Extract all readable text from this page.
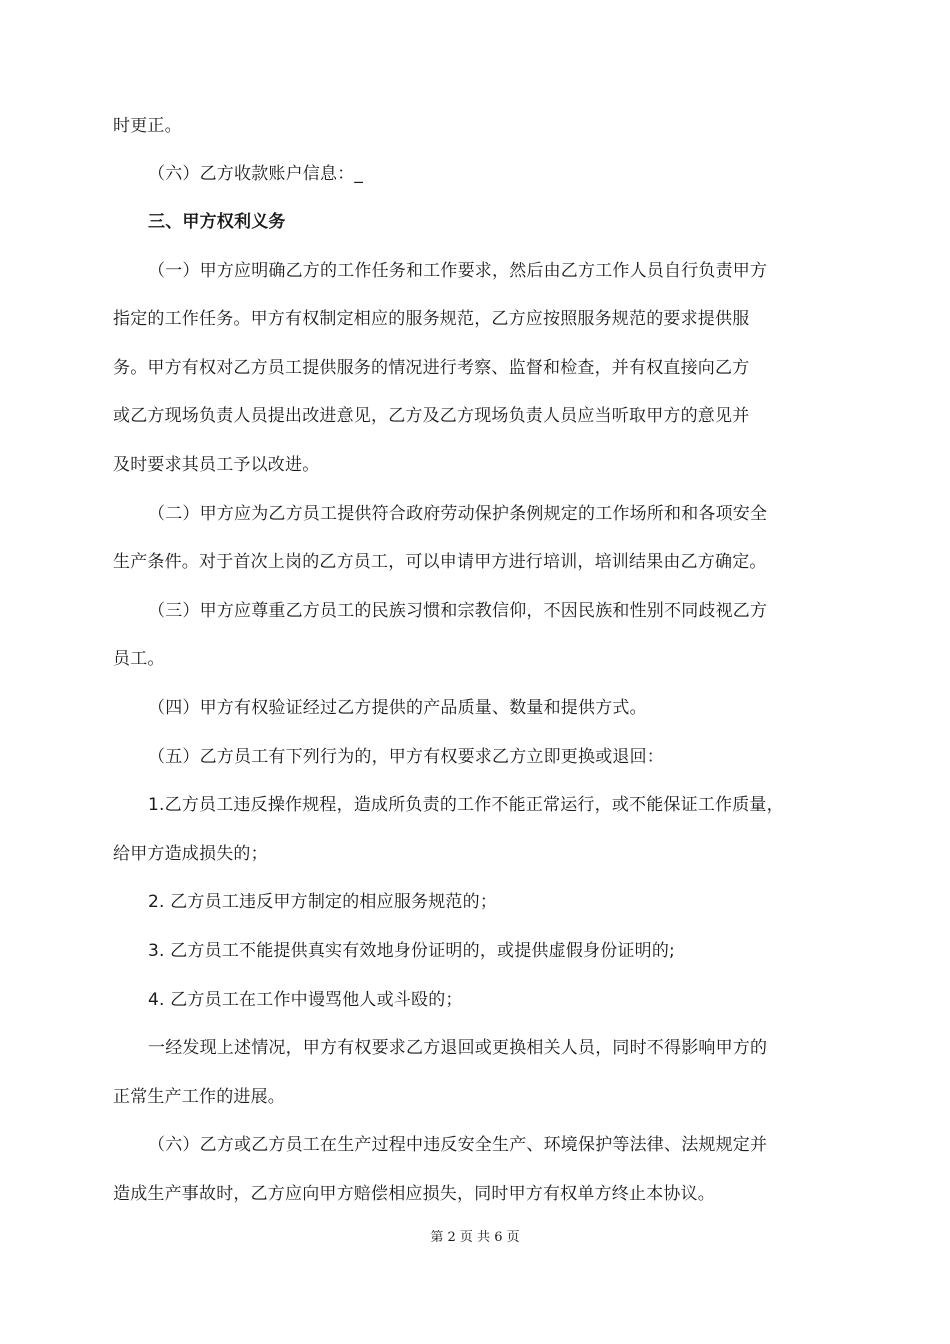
时更正。
（六）乙方收款账户信息：_
三、甲方权利义务
（一）甲方应明确乙方的工作任务和工作要求，然后由乙方工作人员自行负责甲方
指定的工作任务。甲方有权制定相应的服务规范，乙方应按照服务规范的要求提供服
务。甲方有权对乙方员工提供服务的情况进行考察、监督和检查，并有权直接向乙方
或乙方现场负责人员提出改进意见，乙方及乙方现场负责人员应当听取甲方的意见并
及时要求其员工予以改进。
（二）甲方应为乙方员工提供符合政府劳动保护条例规定的工作场所和和各项安全
生产条件。对于首次上岗的乙方员工，可以申请甲方进行培训，培训结果由乙方确定。
（三）甲方应尊重乙方员工的民族习惯和宗教信仰，不因民族和性别不同歧视乙方
员工。
（四）甲方有权验证经过乙方提供的产品质量、数量和提供方式。
（五）乙方员工有下列行为的，甲方有权要求乙方立即更换或退回：
1.乙方员工违反操作规程，造成所负责的工作不能正常运行，或不能保证工作质量，
给甲方造成损失的；
2. 乙方员工违反甲方制定的相应服务规范的；
3. 乙方员工不能提供真实有效地身份证明的，或提供虚假身份证明的;
4. 乙方员工在工作中谩骂他人或斗殴的；
一经发现上述情况，甲方有权要求乙方退回或更换相关人员，同时不得影响甲方的
正常生产工作的进展。
（六）乙方或乙方员工在生产过程中违反安全生产、环境保护等法律、法规规定并
造成生产事故时，乙方应向甲方赔偿相应损失，同时甲方有权单方终止本协议。
第 2 页 共 6 页
